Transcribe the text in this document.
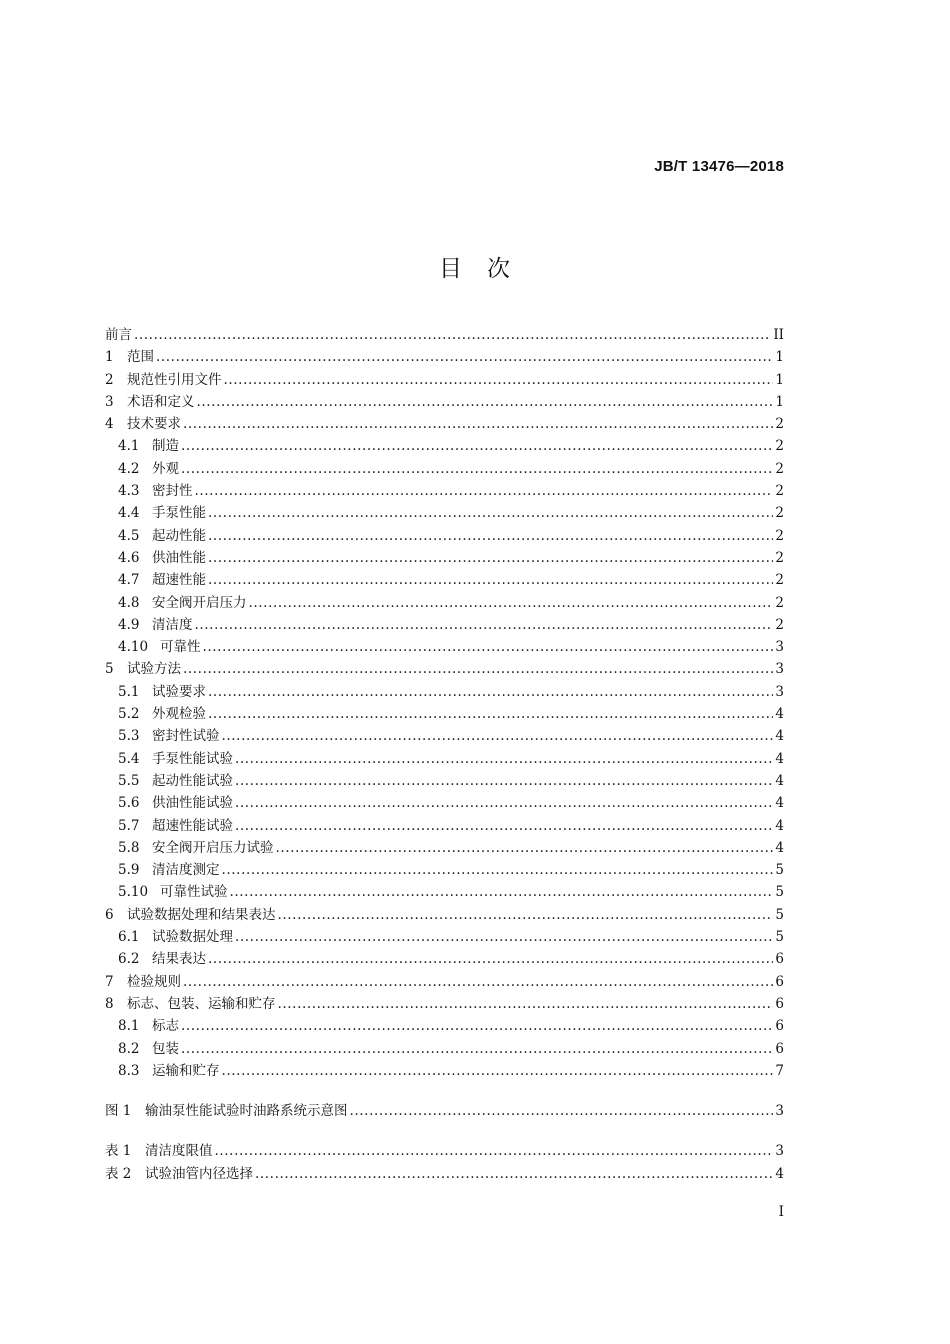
JB/T 13476—2018
目　次
前言 .....	II
1 范围 .....	1
2 规范性引用文件 .....	1
3 术语和定义 .....	1
4 技术要求 .....	2
4.1 制造 .....	2
4.2 外观 .....	2
4.3 密封性 .....	2
4.4 手泵性能 .....	2
4.5 起动性能 .....	2
4.6 供油性能 .....	2
4.7 超速性能 .....	2
4.8 安全阀开启压力 .....	2
4.9 清洁度 .....	2
4.10 可靠性 .....	3
5 试验方法 .....	3
5.1 试验要求 .....	3
5.2 外观检验 .....	4
5.3 密封性试验 .....	4
5.4 手泵性能试验 .....	4
5.5 起动性能试验 .....	4
5.6 供油性能试验 .....	4
5.7 超速性能试验 .....	4
5.8 安全阀开启压力试验 .....	4
5.9 清洁度测定 .....	5
5.10 可靠性试验 .....	5
6 试验数据处理和结果表达 .....	5
6.1 试验数据处理 .....	5
6.2 结果表达 .....	6
7 检验规则 .....	6
8 标志、包装、运输和贮存 .....	6
8.1 标志 .....	6
8.2 包装 .....	6
8.3 运输和贮存 .....	7
图 1	输油泵性能试验时油路系统示意图 .....	3
表 1	清洁度限值 .....	3
表 2	试验油管内径选择 .....	4
I
